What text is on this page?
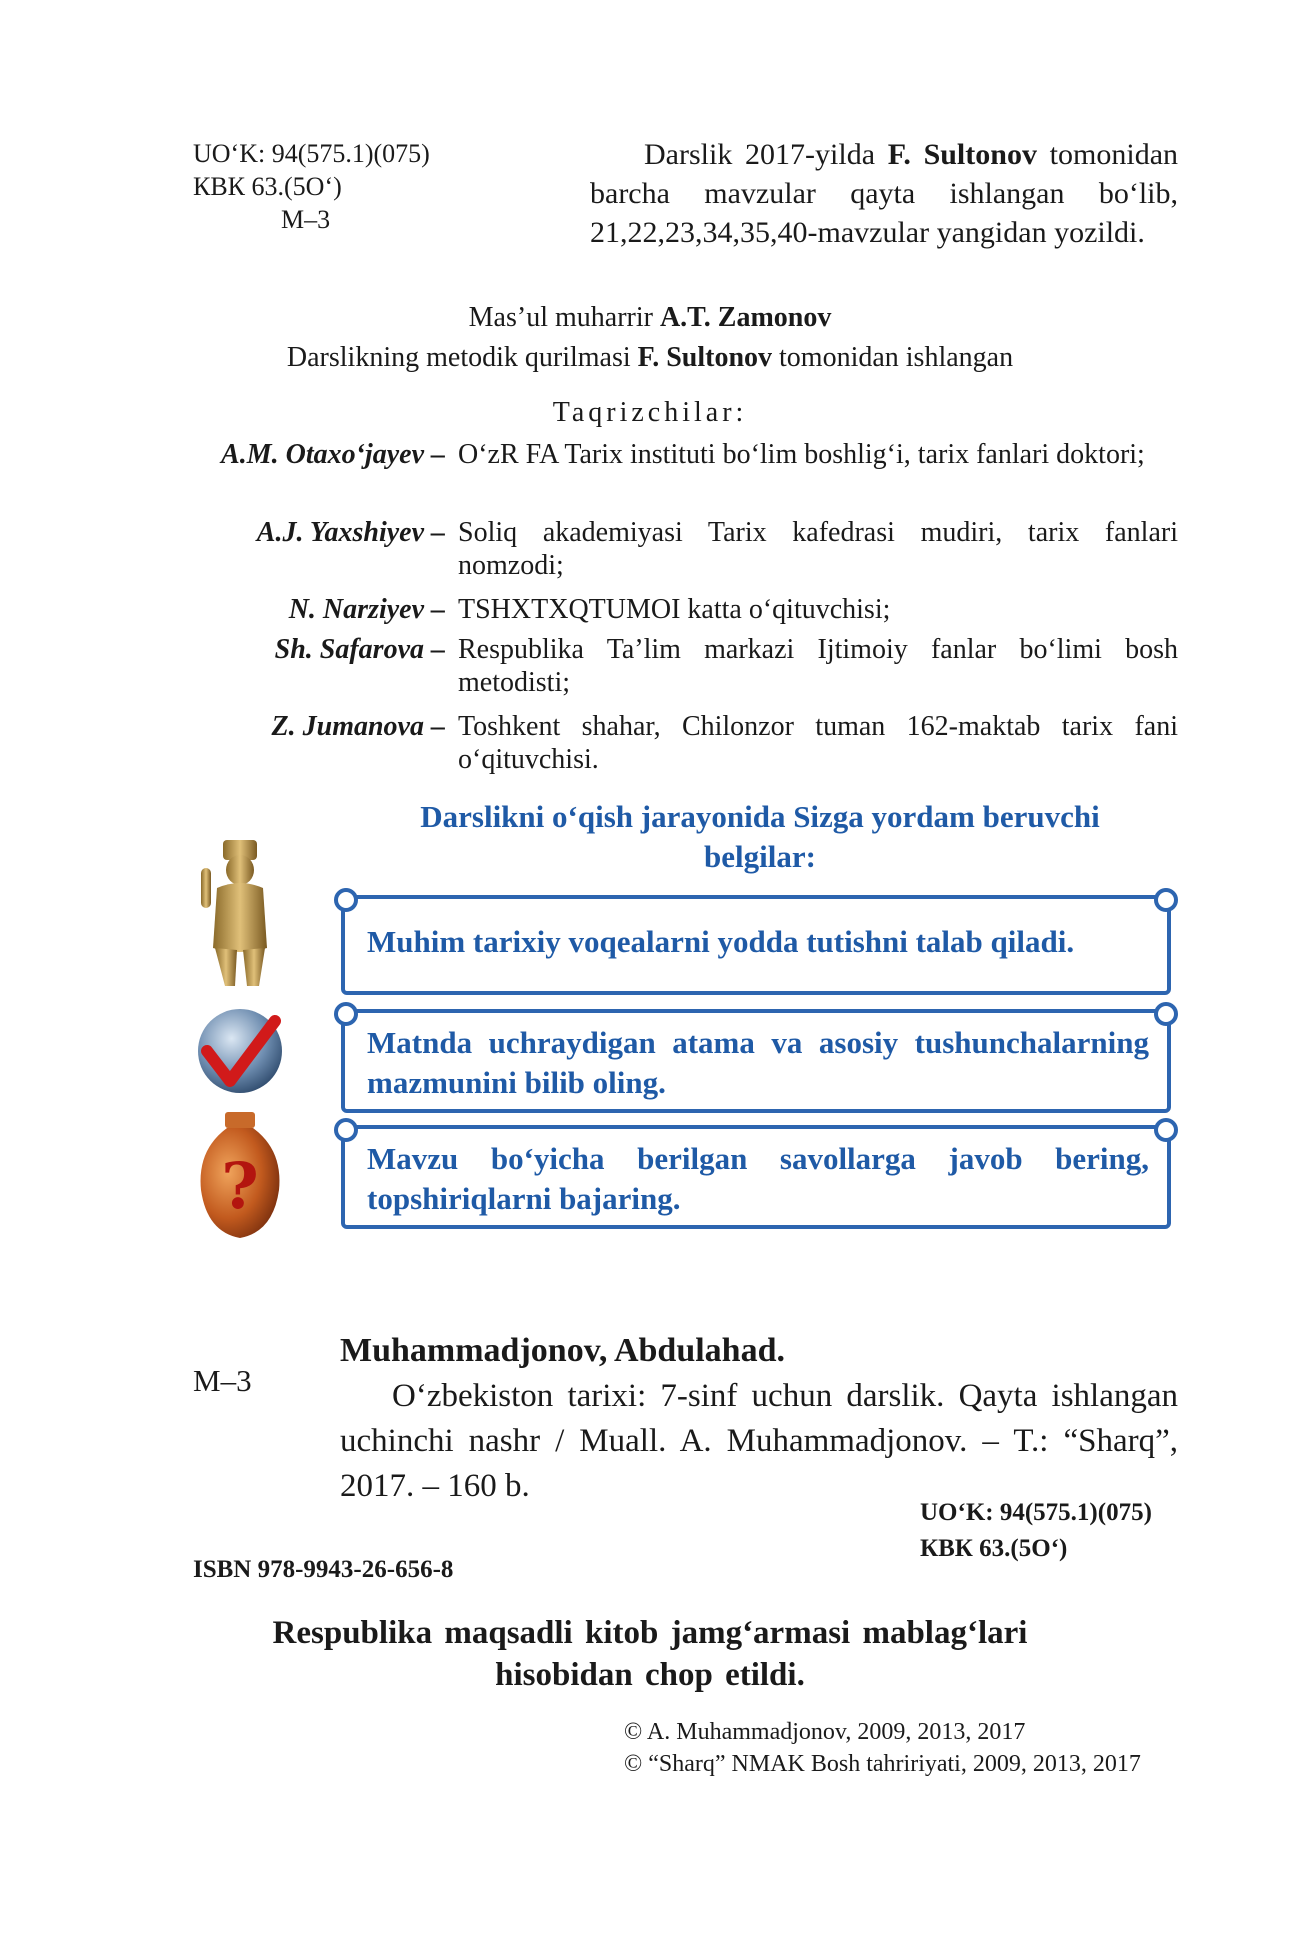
UO‘K: 94(575.1)(075)
КВК 63.(5O‘)
M–3
Darslik 2017-yilda F. Sultonov tomonidan barcha mavzular qayta ishlangan bo‘lib, 21,22,23,34,35,40-mavzular yangidan yozildi.
Mas’ul muharrir A.T. Zamonov
Darslikning metodik qurilmasi F. Sultonov tomonidan ishlangan
Taqrizchilar:
A.M. Otaxo‘jayev – O‘zR FA Tarix instituti bo‘lim boshlig‘i, tarix fanlari doktori;
A.J. Yaxshiyev – Soliq akademiyasi Tarix kafedrasi mudiri, tarix fanlari nomzodi;
N. Narziyev – TSHXTXQTUMOI katta o‘qituvchisi;
Sh. Safarova – Respublika Ta’lim markazi Ijtimoiy fanlar bo‘limi bosh metodisti;
Z. Jumanova – Toshkent shahar, Chilonzor tuman 162-maktab tarix fani o‘qituvchisi.
Darslikni o‘qish jarayonida Sizga yordam beruvchi belgilar:
?
Muhim tarixiy voqealarni yodda tutishni talab qiladi.
Matnda uchraydigan atama va asosiy tushunchalarning mazmunini bilib oling.
Mavzu bo‘yicha berilgan savollarga javob bering, topshiriqlarni bajaring.
Muhammadjonov, Abdulahad.
M–3	O‘zbekiston tarixi: 7-sinf uchun darslik. Qayta ishlangan uchinchi nashr / Muall. A. Muhammadjonov. – T.: “Sharq”, 2017. – 160 b.
UO‘K: 94(575.1)(075)
КВК 63.(5O‘)
ISBN 978-9943-26-656-8
Respublika maqsadli kitob jamg‘armasi mablag‘lari hisobidan chop etildi.
© A. Muhammadjonov, 2009, 2013, 2017
© “Sharq” NMAK Bosh tahririyati, 2009, 2013, 2017
